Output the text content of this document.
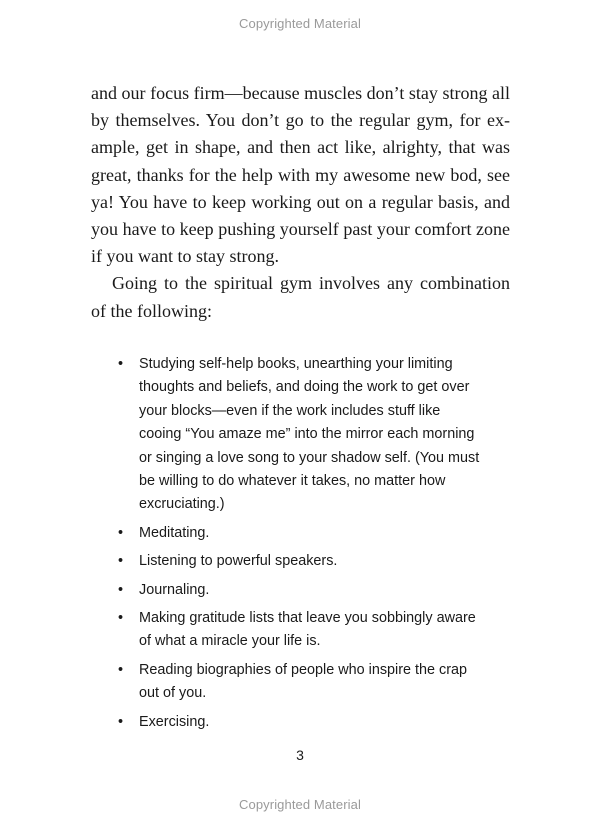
Copyrighted Material

and our focus firm—because muscles don’t stay strong all by themselves. You don’t go to the regular gym, for example, get in shape, and then act like, alrighty, that was great, thanks for the help with my awesome new bod, see ya! You have to keep working out on a regular basis, and you have to keep pushing yourself past your comfort zone if you want to stay strong.

Going to the spiritual gym involves any combination of the following:

• Studying self-help books, unearthing your limiting thoughts and beliefs, and doing the work to get over your blocks—even if the work includes stuff like cooing “You amaze me” into the mirror each morning or singing a love song to your shadow self. (You must be willing to do whatever it takes, no matter how excruciating.)
• Meditating.
• Listening to powerful speakers.
• Journaling.
• Making gratitude lists that leave you sobbingly aware of what a miracle your life is.
• Reading biographies of people who inspire the crap out of you.
• Exercising.
3
Copyrighted Material
